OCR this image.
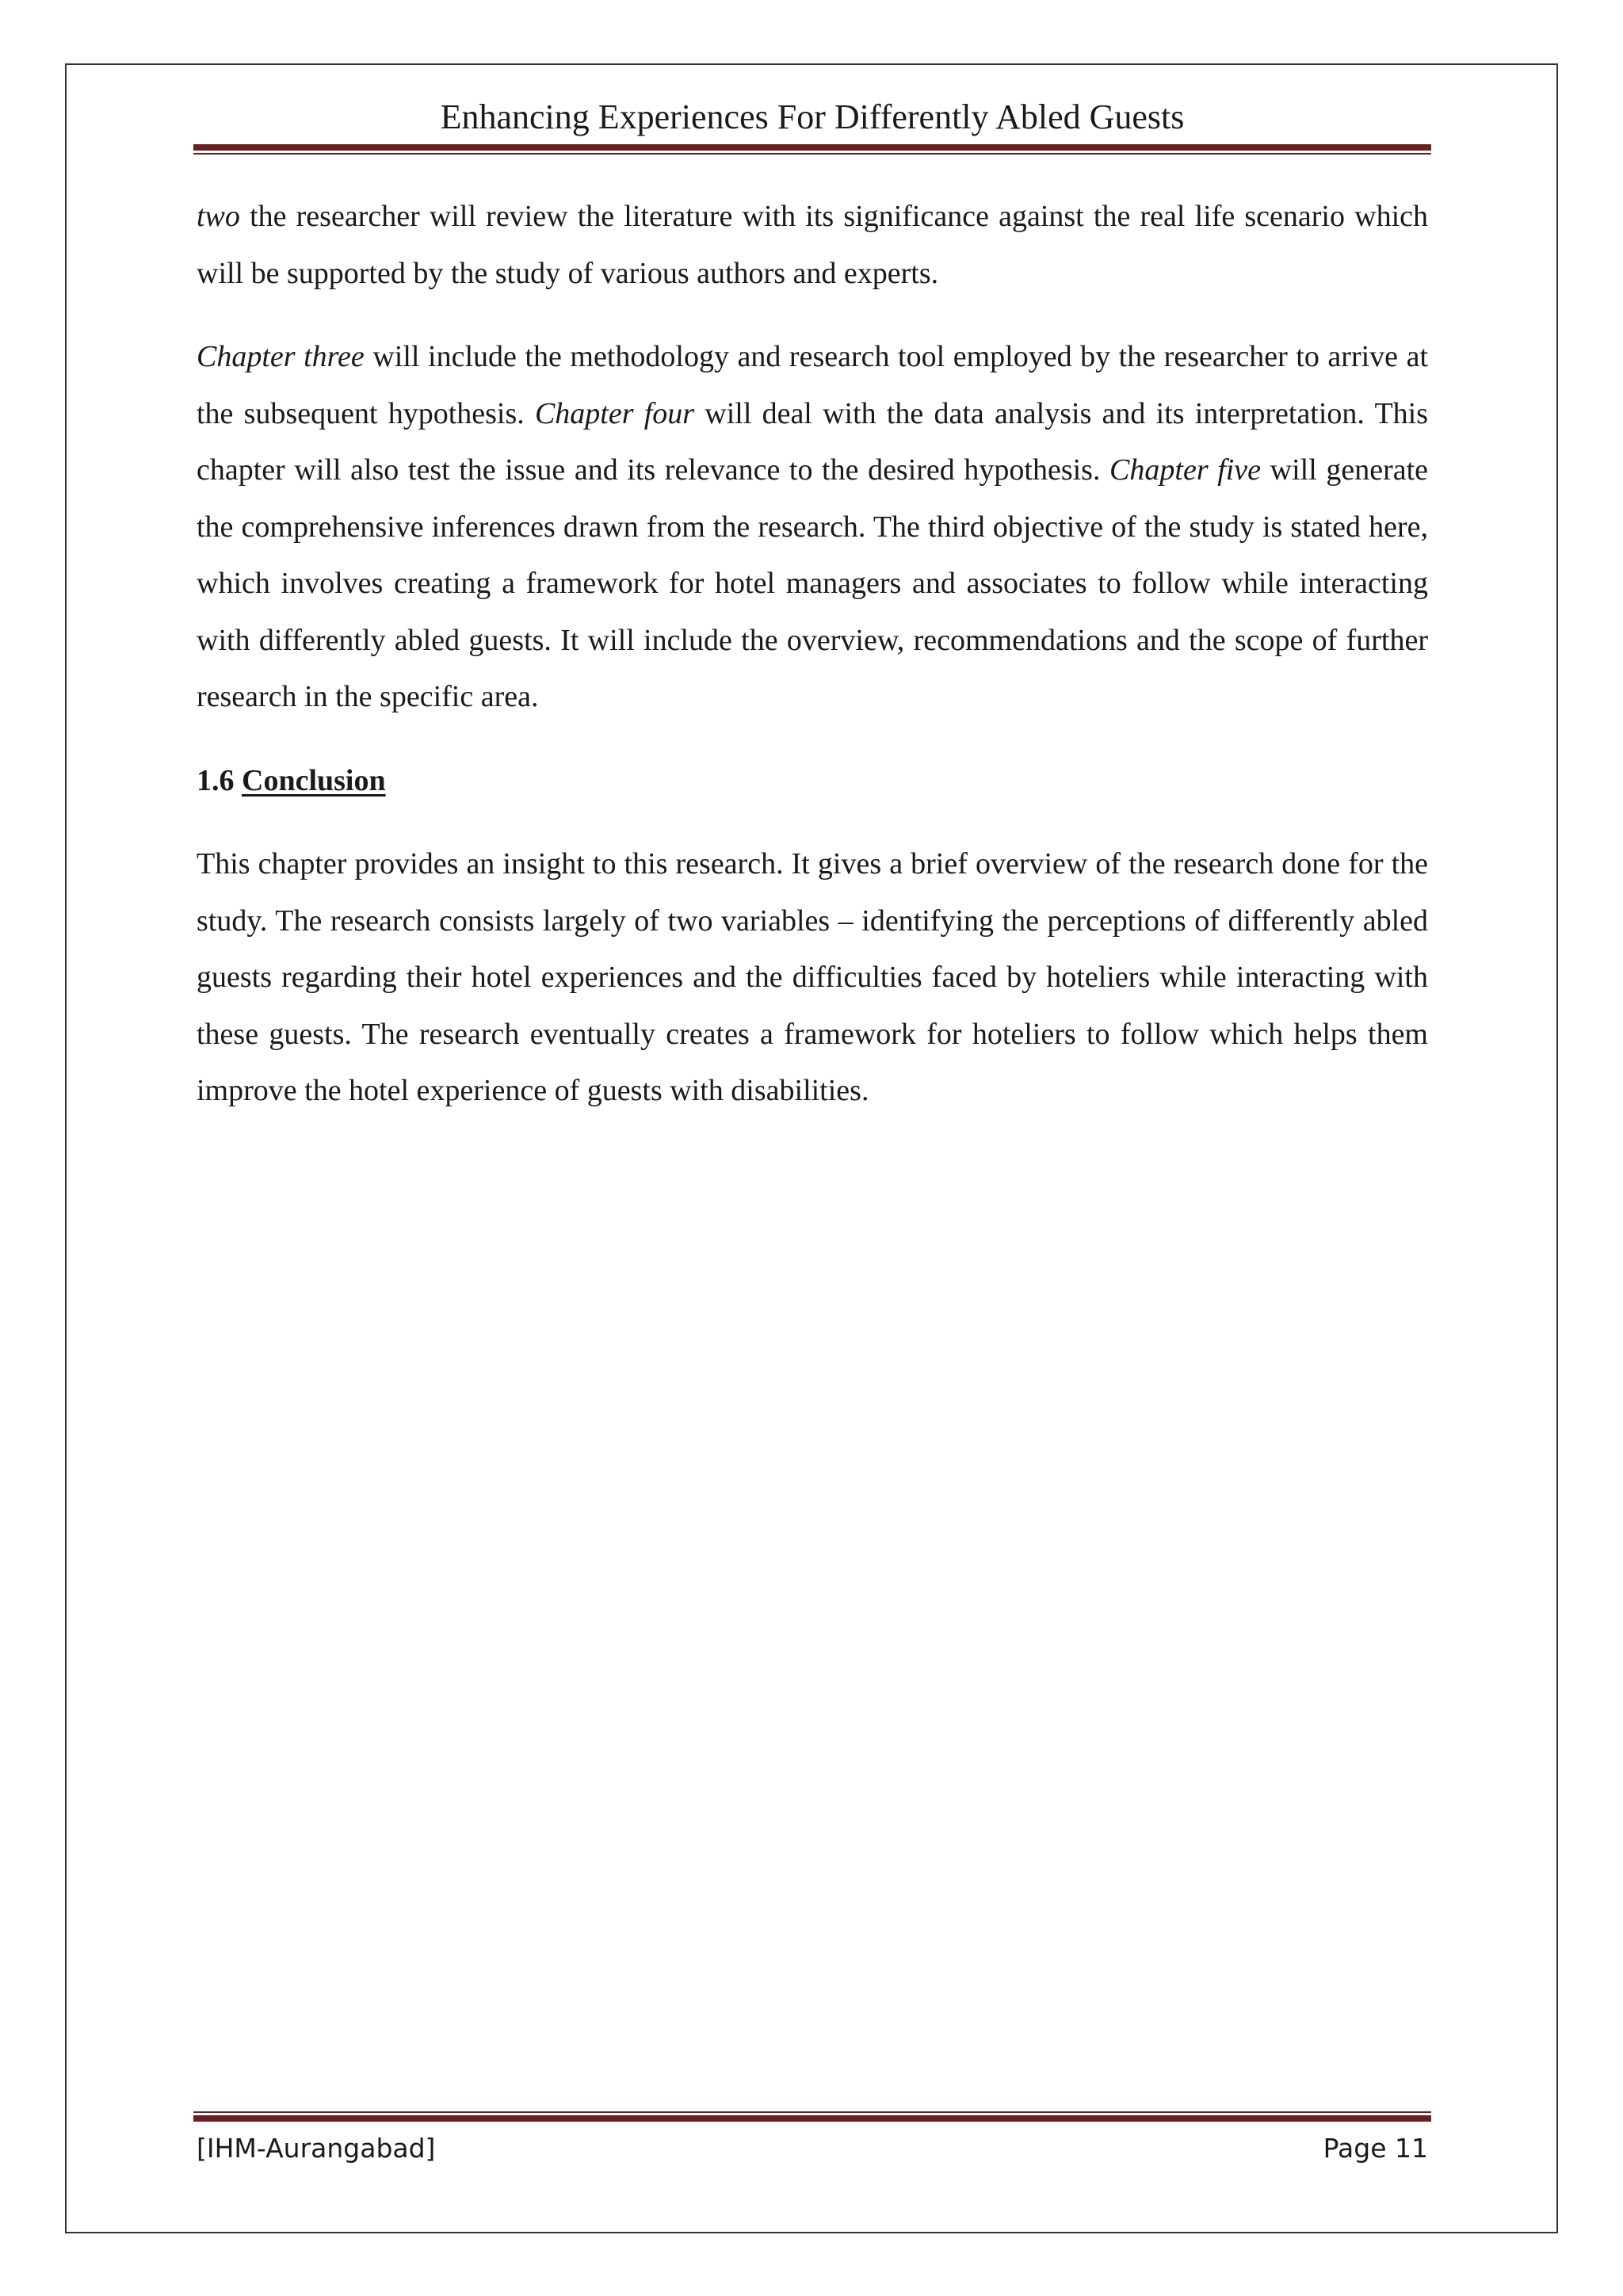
Enhancing Experiences For Differently Abled Guests

two the researcher will review the literature with its significance against the real life scenario which will be supported by the study of various authors and experts.

Chapter three will include the methodology and research tool employed by the researcher to arrive at the subsequent hypothesis. Chapter four will deal with the data analysis and its interpretation. This chapter will also test the issue and its relevance to the desired hypothesis. Chapter five will generate the comprehensive inferences drawn from the research. The third objective of the study is stated here, which involves creating a framework for hotel managers and associates to follow while interacting with differently abled guests. It will include the overview, recommendations and the scope of further research in the specific area.

1.6 Conclusion

This chapter provides an insight to this research. It gives a brief overview of the research done for the study. The research consists largely of two variables – identifying the perceptions of differently abled guests regarding their hotel experiences and the difficulties faced by hoteliers while interacting with these guests. The research eventually creates a framework for hoteliers to follow which helps them improve the hotel experience of guests with disabilities.

[IHM-Aurangabad]	Page 11
